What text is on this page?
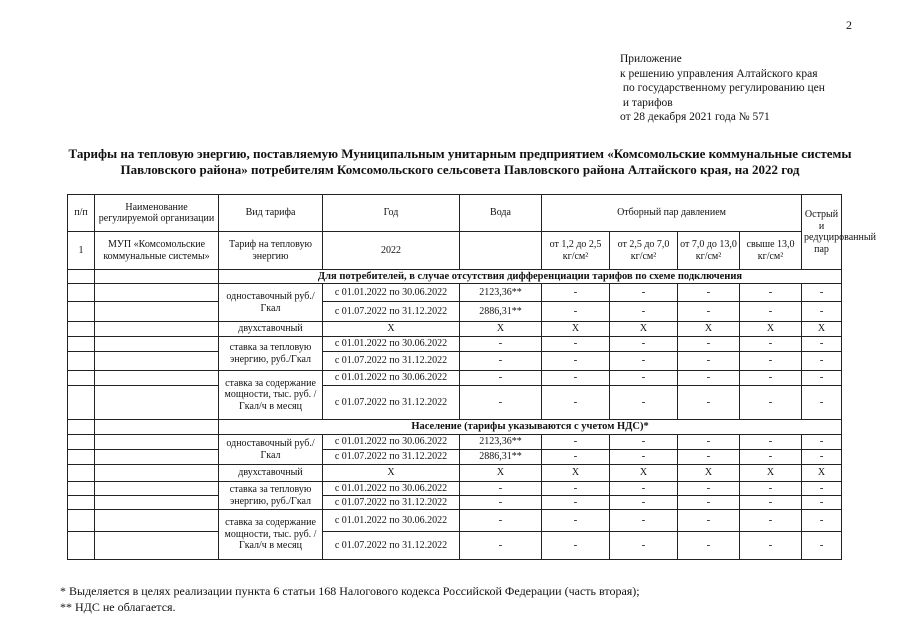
2
Приложение
к решению управления Алтайского края
по государственному регулированию цен
и тарифов
от 28 декабря 2021 года № 571
Тарифы на тепловую энергию, поставляемую Муниципальным унитарным предприятием «Комсомольские коммунальные системы
Павловского района» потребителям Комсомольского сельсовета Павловского района Алтайского края, на 2022 год
п/п	Наименование регулируемой организации	Вид тарифа	Год	Вода	Отборный пар давлением				Острый и редуцированный пар
1	МУП «Комсомольские коммунальные системы»	Тариф на тепловую энергию	2022		от 1,2 до 2,5 кг/см²	от 2,5 до 7,0 кг/см²	от 7,0 до 13,0 кг/см²	свыше 13,0 кг/см²	
		Для потребителей, в случае отсутствия дифференциации тарифов по схеме подключения							
		одноставочный руб./Гкал	с 01.01.2022 по 30.06.2022	2123,36**	-	-	-	-	-
			с 01.07.2022 по 31.12.2022	2886,31**	-	-	-	-	-
		двухставочный	Х	Х	Х	Х	Х	Х	Х
		ставка за тепловую энергию, руб./Гкал	с 01.01.2022 по 30.06.2022	-	-	-	-	-	-
			с 01.07.2022 по 31.12.2022	-	-	-	-	-	-
		ставка за содержание мощности, тыс. руб. /Гкал/ч в месяц	с 01.01.2022 по 30.06.2022	-	-	-	-	-	-
			с 01.07.2022 по 31.12.2022	-	-	-	-	-	-
		Население (тарифы указываются с учетом НДС)*							
		одноставочный руб./Гкал	с 01.01.2022 по 30.06.2022	2123,36**	-	-	-	-	-
			с 01.07.2022 по 31.12.2022	2886,31**	-	-	-	-	-
		двухставочный	Х	Х	Х	Х	Х	Х	Х
		ставка за тепловую энергию, руб./Гкал	с 01.01.2022 по 30.06.2022	-	-	-	-	-	-
			с 01.07.2022 по 31.12.2022	-	-	-	-	-	-
		ставка за содержание мощности, тыс. руб. /Гкал/ч в месяц	с 01.01.2022 по 30.06.2022	-	-	-	-	-	-
			с 01.07.2022 по 31.12.2022	-	-	-	-	-	-
* Выделяется в целях реализации пункта 6 статьи 168 Налогового кодекса Российской Федерации (часть вторая);
** НДС не облагается.
